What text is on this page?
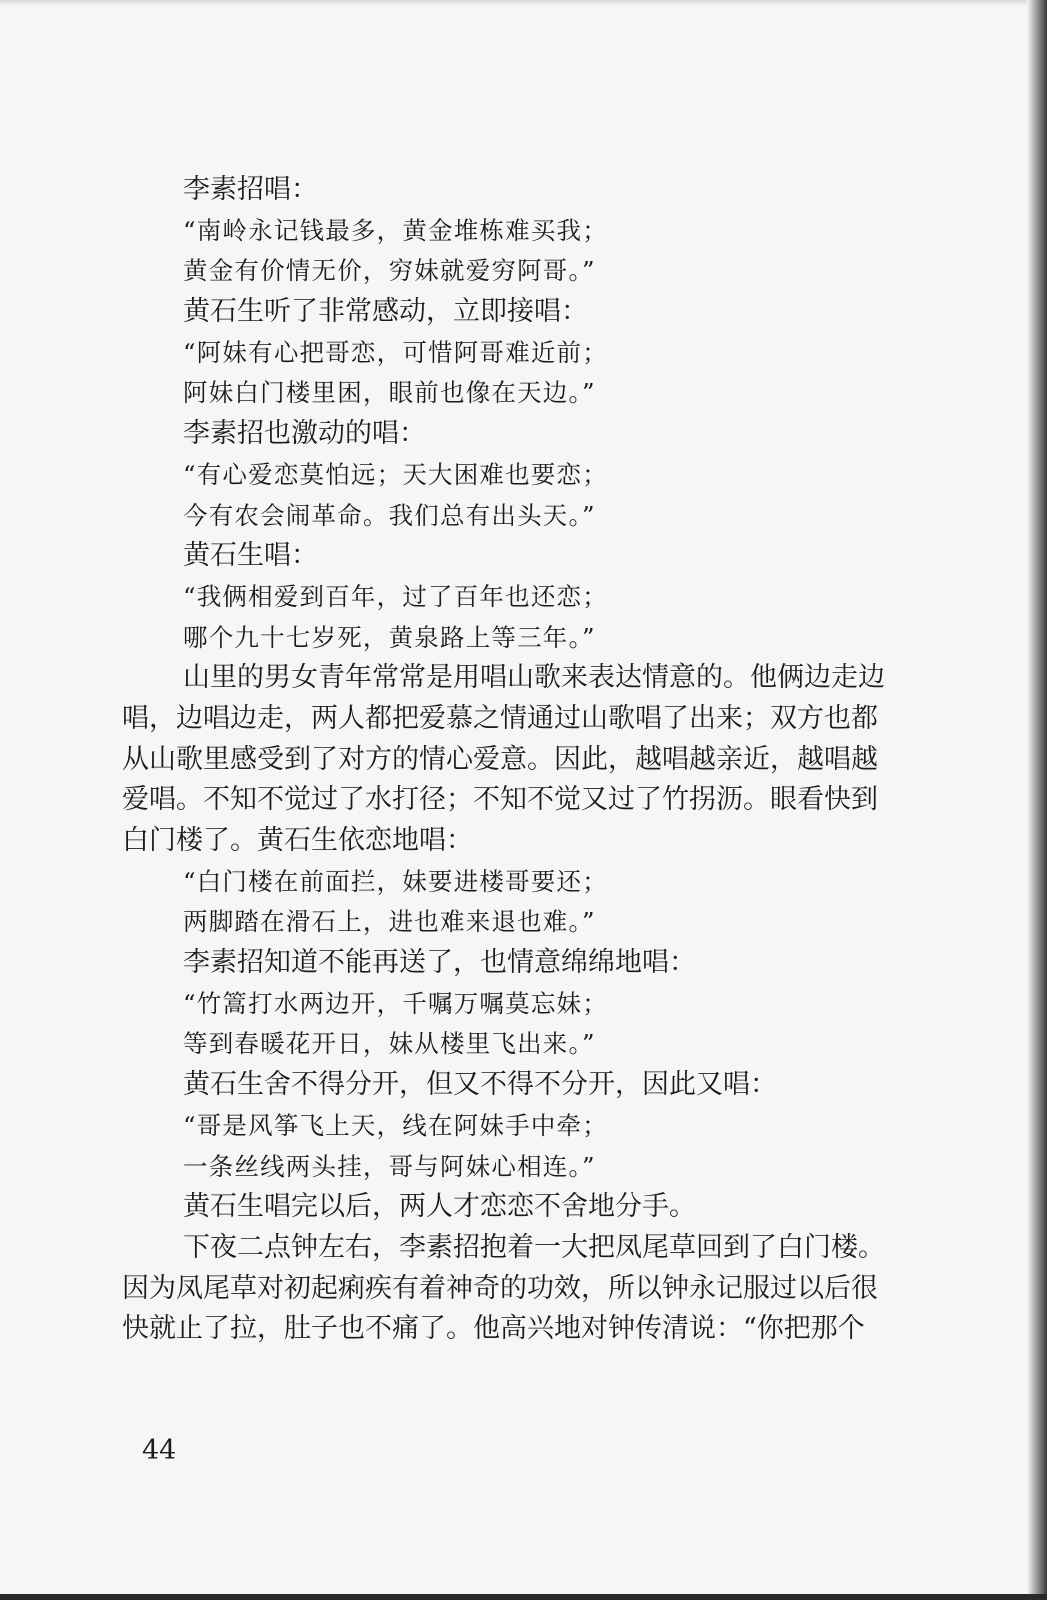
李素招唱：
“南岭永记钱最多，黄金堆栋难买我；
黄金有价情无价，穷妹就爱穷阿哥。”
黄石生听了非常感动，立即接唱：
“阿妹有心把哥恋，可惜阿哥难近前；
阿妹白门楼里困，眼前也像在天边。”
李素招也激动的唱：
“有心爱恋莫怕远；天大困难也要恋；
今有农会闹革命。我们总有出头天。”
黄石生唱：
“我俩相爱到百年，过了百年也还恋；
哪个九十七岁死，黄泉路上等三年。”
山里的男女青年常常是用唱山歌来表达情意的。他俩边走边
唱，边唱边走，两人都把爱慕之情通过山歌唱了出来；双方也都
从山歌里感受到了对方的情心爱意。因此，越唱越亲近，越唱越
爱唱。不知不觉过了水打径；不知不觉又过了竹拐沥。眼看快到
白门楼了。黄石生依恋地唱：
“白门楼在前面拦，妹要进楼哥要还；
两脚踏在滑石上，进也难来退也难。”
李素招知道不能再送了，也情意绵绵地唱：
“竹篙打水两边开，千嘱万嘱莫忘妹；
等到春暖花开日，妹从楼里飞出来。”
黄石生舍不得分开，但又不得不分开，因此又唱：
“哥是风筝飞上天，线在阿妹手中牵；
一条丝线两头挂，哥与阿妹心相连。”
黄石生唱完以后，两人才恋恋不舍地分手。
下夜二点钟左右，李素招抱着一大把凤尾草回到了白门楼。
因为凤尾草对初起痢疾有着神奇的功效，所以钟永记服过以后很
快就止了拉，肚子也不痛了。他高兴地对钟传清说：“你把那个
44
